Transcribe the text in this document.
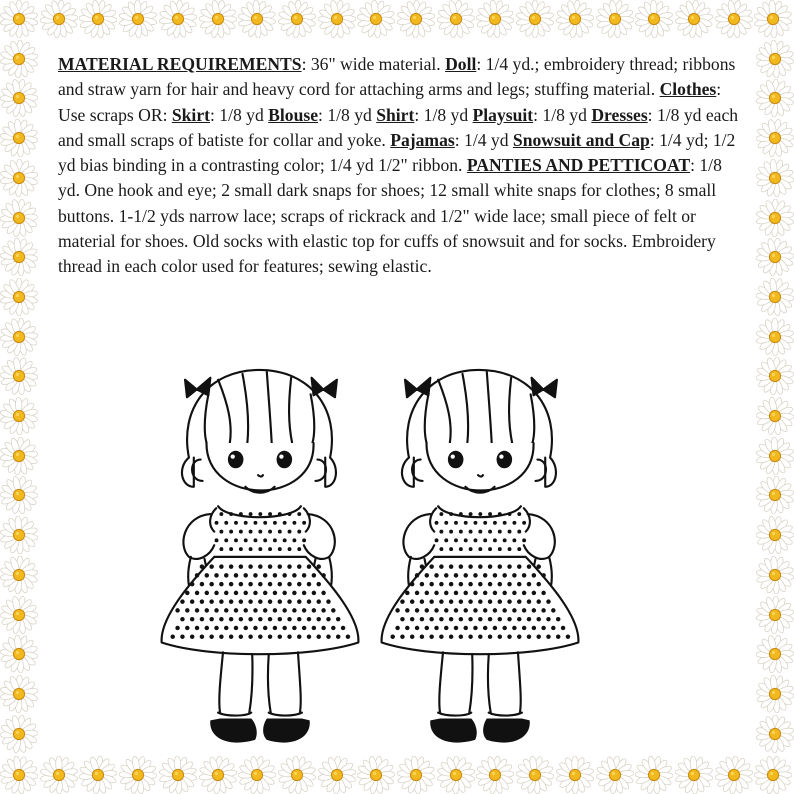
MATERIAL REQUIREMENTS: 36" wide material. Doll: 1/4 yd.; embroidery thread; ribbons and straw yarn for hair and heavy cord for attaching arms and legs; stuffing material. Clothes: Use scraps OR: Skirt: 1/8 yd Blouse: 1/8 yd Shirt: 1/8 yd Playsuit: 1/8 yd Dresses: 1/8 yd each and small scraps of batiste for collar and yoke. Pajamas: 1/4 yd Snowsuit and Cap: 1/4 yd; 1/2 yd bias binding in a contrasting color; 1/4 yd 1/2" ribbon. PANTIES AND PETTICOAT: 1/8 yd. One hook and eye; 2 small dark snaps for shoes; 12 small white snaps for clothes; 8 small buttons. 1-1/2 yds narrow lace; scraps of rickrack and 1/2" wide lace; small piece of felt or material for shoes. Old socks with elastic top for cuffs of snowsuit and for socks. Embroidery thread in each color used for features; sewing elastic.
